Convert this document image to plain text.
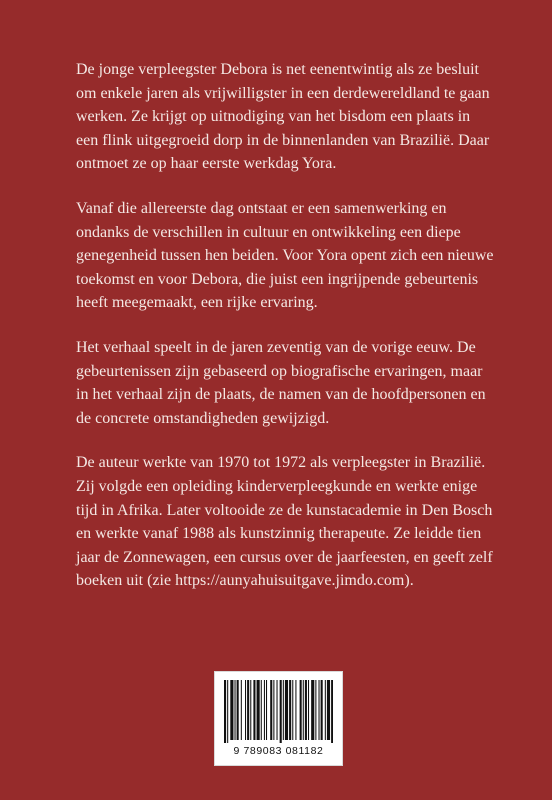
De jonge verpleegster Debora is net eenentwintig als ze besluit om enkele jaren als vrijwilligster in een derdewereldland te gaan werken. Ze krijgt op uitnodiging van het bisdom een plaats in een flink uitgegroeid dorp in de binnenlanden van Brazilië. Daar ontmoet ze op haar eerste werkdag Yora.

Vanaf die allereerste dag ontstaat er een samenwerking en ondanks de verschillen in cultuur en ontwikkeling een diepe genegenheid tussen hen beiden. Voor Yora opent zich een nieuwe toekomst en voor Debora, die juist een ingrijpende gebeurtenis heeft meegemaakt, een rijke ervaring.

Het verhaal speelt in de jaren zeventig van de vorige eeuw. De gebeurtenissen zijn gebaseerd op biografische ervaringen, maar in het verhaal zijn de plaats, de namen van de hoofdpersonen en de concrete omstandigheden gewijzigd.

De auteur werkte van 1970 tot 1972 als verpleegster in Brazilië. Zij volgde een opleiding kinderverpleegkunde en werkte enige tijd in Afrika. Later voltooide ze de kunstacademie in Den Bosch en werkte vanaf 1988 als kunstzinnig therapeute. Ze leidde tien jaar de Zonnewagen, een cursus over de jaarfeesten, en geeft zelf boeken uit (zie https://aunyahuisuitgave.jimdo.com).

9 789083 081182
